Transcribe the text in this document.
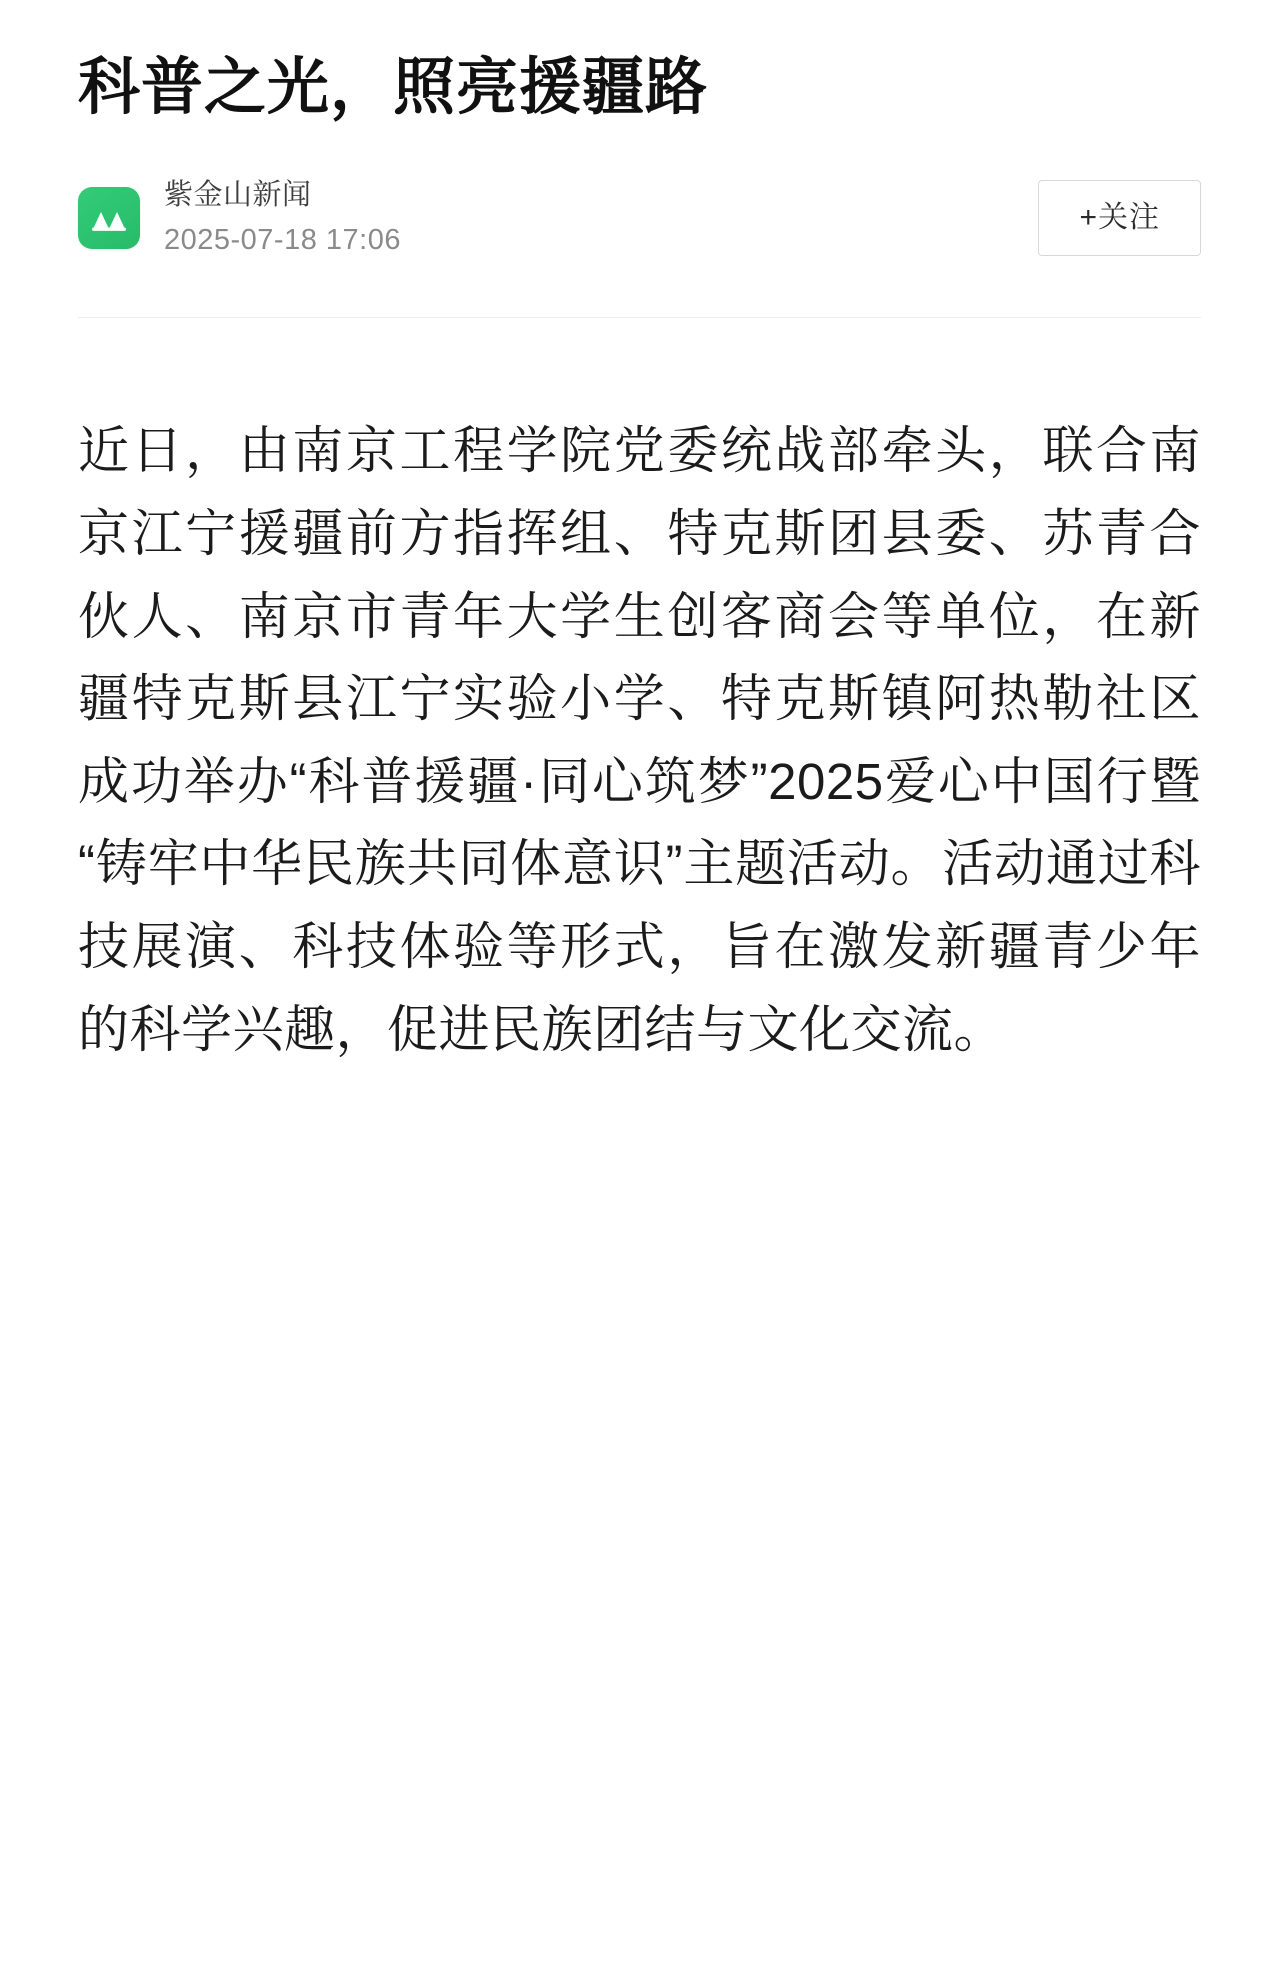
科普之光，照亮援疆路
紫金山新闻
2025-07-18 17:06
+关注

近日，由南京工程学院党委统战部牵头，联合南京江宁援疆前方指挥组、特克斯团县委、苏青合伙人、南京市青年大学生创客商会等单位，在新疆特克斯县江宁实验小学、特克斯镇阿热勒社区成功举办“科普援疆·同心筑梦”2025爱心中国行暨“铸牢中华民族共同体意识”主题活动。活动通过科技展演、科技体验等形式，旨在激发新疆青少年的科学兴趣，促进民族团结与文化交流。
